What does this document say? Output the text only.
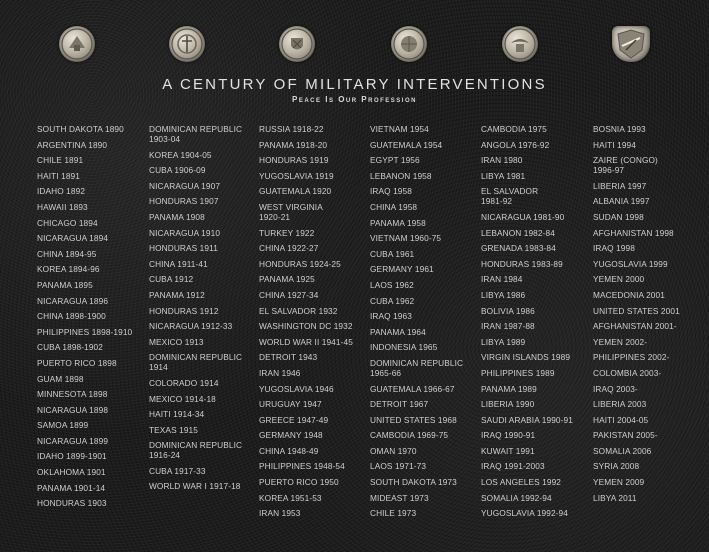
A CENTURY OF MILITARY INTERVENTIONS
Peace Is Our Profession
SOUTH DAKOTA 1890
ARGENTINA 1890
CHILE 1891
HAITI 1891
IDAHO 1892
HAWAII 1893
CHICAGO 1894
NICARAGUA 1894
CHINA 1894-95
KOREA 1894-96
PANAMA 1895
NICARAGUA 1896
CHINA 1898-1900
PHILIPPINES 1898-1910
CUBA 1898-1902
PUERTO RICO 1898
GUAM 1898
MINNESOTA 1898
NICARAGUA 1898
SAMOA 1899
NICARAGUA 1899
IDAHO 1899-1901
OKLAHOMA 1901
PANAMA 1901-14
HONDURAS 1903
DOMINICAN REPUBLIC
1903-04
KOREA 1904-05
CUBA 1906-09
NICARAGUA 1907
HONDURAS 1907
PANAMA 1908
NICARAGUA 1910
HONDURAS 1911
CHINA 1911-41
CUBA 1912
PANAMA 1912
HONDURAS 1912
NICARAGUA 1912-33
MEXICO 1913
DOMINICAN REPUBLIC
1914
COLORADO 1914
MEXICO 1914-18
HAITI 1914-34
TEXAS 1915
DOMINICAN REPUBLIC
1916-24
CUBA 1917-33
WORLD WAR I 1917-18
RUSSIA 1918-22
PANAMA 1918-20
HONDURAS 1919
YUGOSLAVIA 1919
GUATEMALA 1920
WEST VIRGINIA
1920-21
TURKEY 1922
CHINA 1922-27
HONDURAS 1924-25
PANAMA 1925
CHINA 1927-34
EL SALVADOR 1932
WASHINGTON DC 1932
WORLD WAR II 1941-45
DETROIT 1943
IRAN 1946
YUGOSLAVIA 1946
URUGUAY 1947
GREECE 1947-49
GERMANY 1948
CHINA 1948-49
PHILIPPINES 1948-54
PUERTO RICO 1950
KOREA 1951-53
IRAN 1953
VIETNAM 1954
GUATEMALA 1954
EGYPT 1956
LEBANON 1958
IRAQ 1958
CHINA 1958
PANAMA 1958
VIETNAM 1960-75
CUBA 1961
GERMANY 1961
LAOS 1962
CUBA 1962
IRAQ 1963
PANAMA 1964
INDONESIA 1965
DOMINICAN REPUBLIC
1965-66
GUATEMALA 1966-67
DETROIT 1967
UNITED STATES 1968
CAMBODIA 1969-75
OMAN 1970
LAOS 1971-73
SOUTH DAKOTA 1973
MIDEAST 1973
CHILE 1973
CAMBODIA 1975
ANGOLA 1976-92
IRAN 1980
LIBYA 1981
EL SALVADOR
1981-92
NICARAGUA 1981-90
LEBANON 1982-84
GRENADA 1983-84
HONDURAS 1983-89
IRAN 1984
LIBYA 1986
BOLIVIA 1986
IRAN 1987-88
LIBYA 1989
VIRGIN ISLANDS 1989
PHILIPPINES 1989
PANAMA 1989
LIBERIA 1990
SAUDI ARABIA 1990-91
IRAQ 1990-91
KUWAIT 1991
IRAQ 1991-2003
LOS ANGELES 1992
SOMALIA 1992-94
YUGOSLAVIA 1992-94
BOSNIA 1993
HAITI 1994
ZAIRE (CONGO)
1996-97
LIBERIA 1997
ALBANIA 1997
SUDAN 1998
AFGHANISTAN 1998
IRAQ 1998
YUGOSLAVIA 1999
YEMEN 2000
MACEDONIA 2001
UNITED STATES 2001
AFGHANISTAN 2001-
YEMEN 2002-
PHILIPPINES 2002-
COLOMBIA 2003-
IRAQ 2003-
LIBERIA 2003
HAITI 2004-05
PAKISTAN 2005-
SOMALIA 2006
SYRIA 2008
YEMEN 2009
LIBYA 2011
